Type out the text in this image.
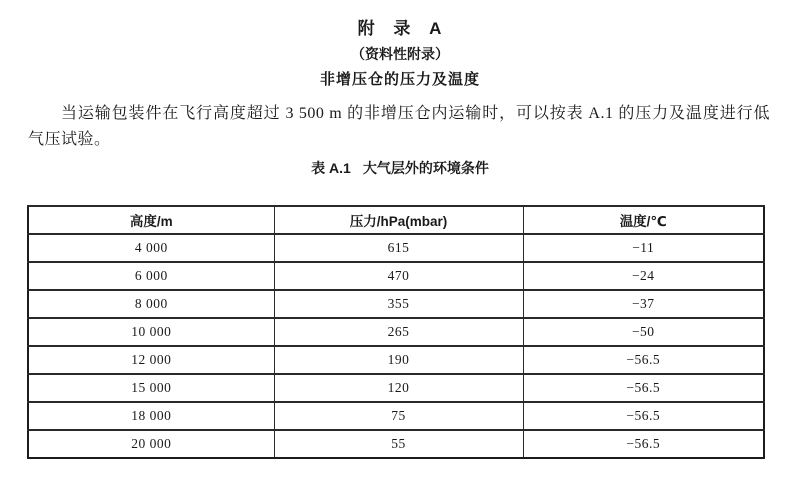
附 录 A
（资料性附录）
非增压仓的压力及温度

当运输包装件在飞行高度超过 3 500 m 的非增压仓内运输时，可以按表 A.1 的压力及温度进行低气压试验。

表 A.1 大气层外的环境条件
高度/m	压力/hPa(mbar)	温度/℃
4 000	615	−11
6 000	470	−24
8 000	355	−37
10 000	265	−50
12 000	190	−56.5
15 000	120	−56.5
18 000	75	−56.5
20 000	55	−56.5
